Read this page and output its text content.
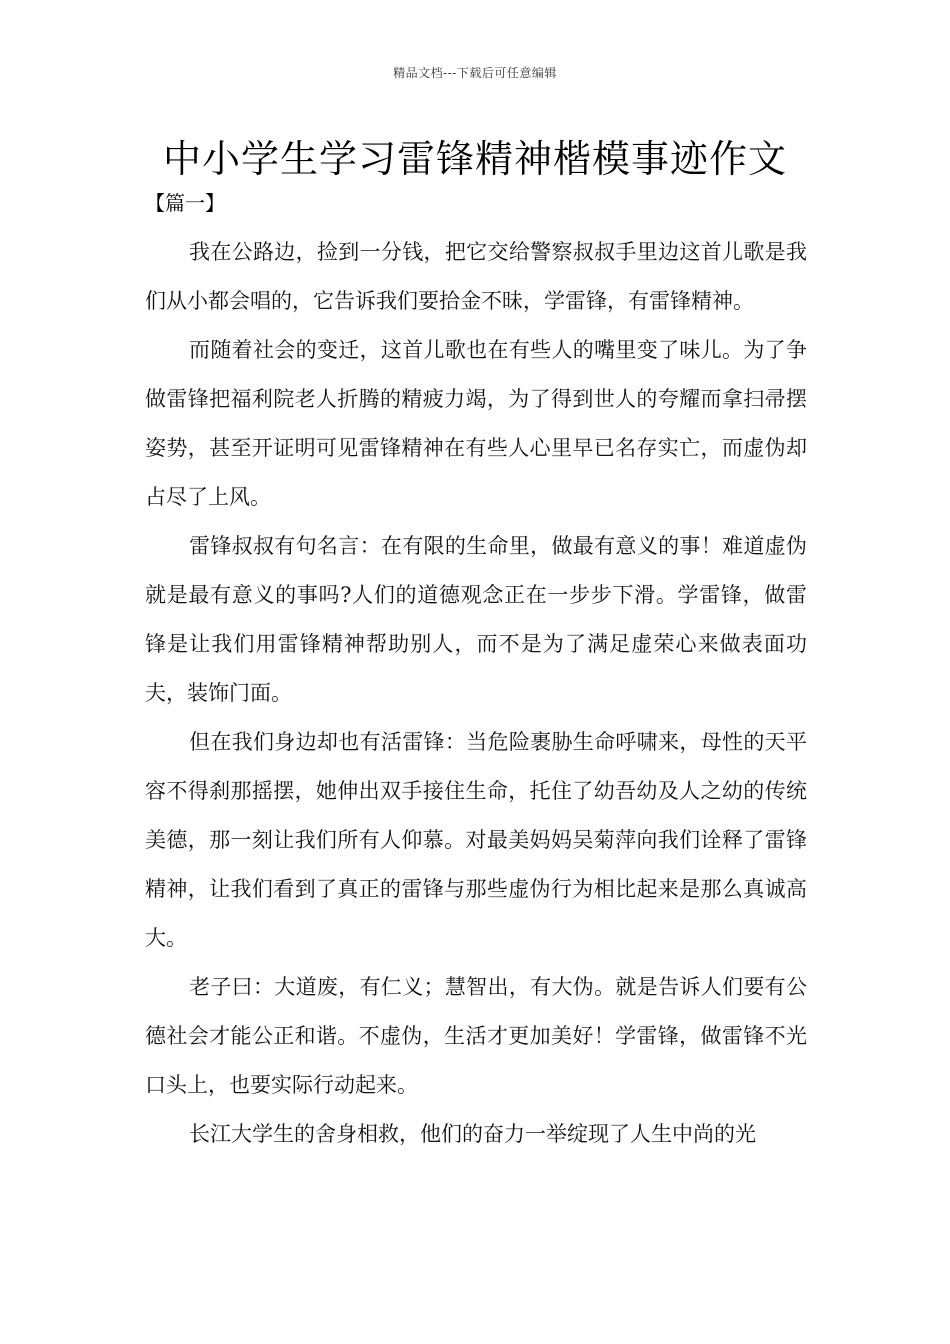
精品文档---下载后可任意编辑
中小学生学习雷锋精神楷模事迹作文
【篇一】

我在公路边，捡到一分钱，把它交给警察叔叔手里边这首儿歌是我们从小都会唱的，它告诉我们要拾金不昧，学雷锋，有雷锋精神。

而随着社会的变迁，这首儿歌也在有些人的嘴里变了味儿。为了争做雷锋把福利院老人折腾的精疲力竭，为了得到世人的夸耀而拿扫帚摆姿势，甚至开证明可见雷锋精神在有些人心里早已名存实亡，而虚伪却占尽了上风。

雷锋叔叔有句名言：在有限的生命里，做最有意义的事！难道虚伪就是最有意义的事吗?人们的道德观念正在一步步下滑。学雷锋，做雷锋是让我们用雷锋精神帮助别人，而不是为了满足虚荣心来做表面功夫，装饰门面。

但在我们身边却也有活雷锋：当危险裹胁生命呼啸来，母性的天平容不得刹那摇摆，她伸出双手接住生命，托住了幼吾幼及人之幼的传统美德，那一刻让我们所有人仰慕。对最美妈妈吴菊萍向我们诠释了雷锋精神，让我们看到了真正的雷锋与那些虚伪行为相比起来是那么真诚高大。

老子曰：大道废，有仁义；慧智出，有大伪。就是告诉人们要有公德社会才能公正和谐。不虚伪，生活才更加美好！学雷锋，做雷锋不光口头上，也要实际行动起来。

长江大学生的舍身相救，他们的奋力一举绽现了人生中尚的光
